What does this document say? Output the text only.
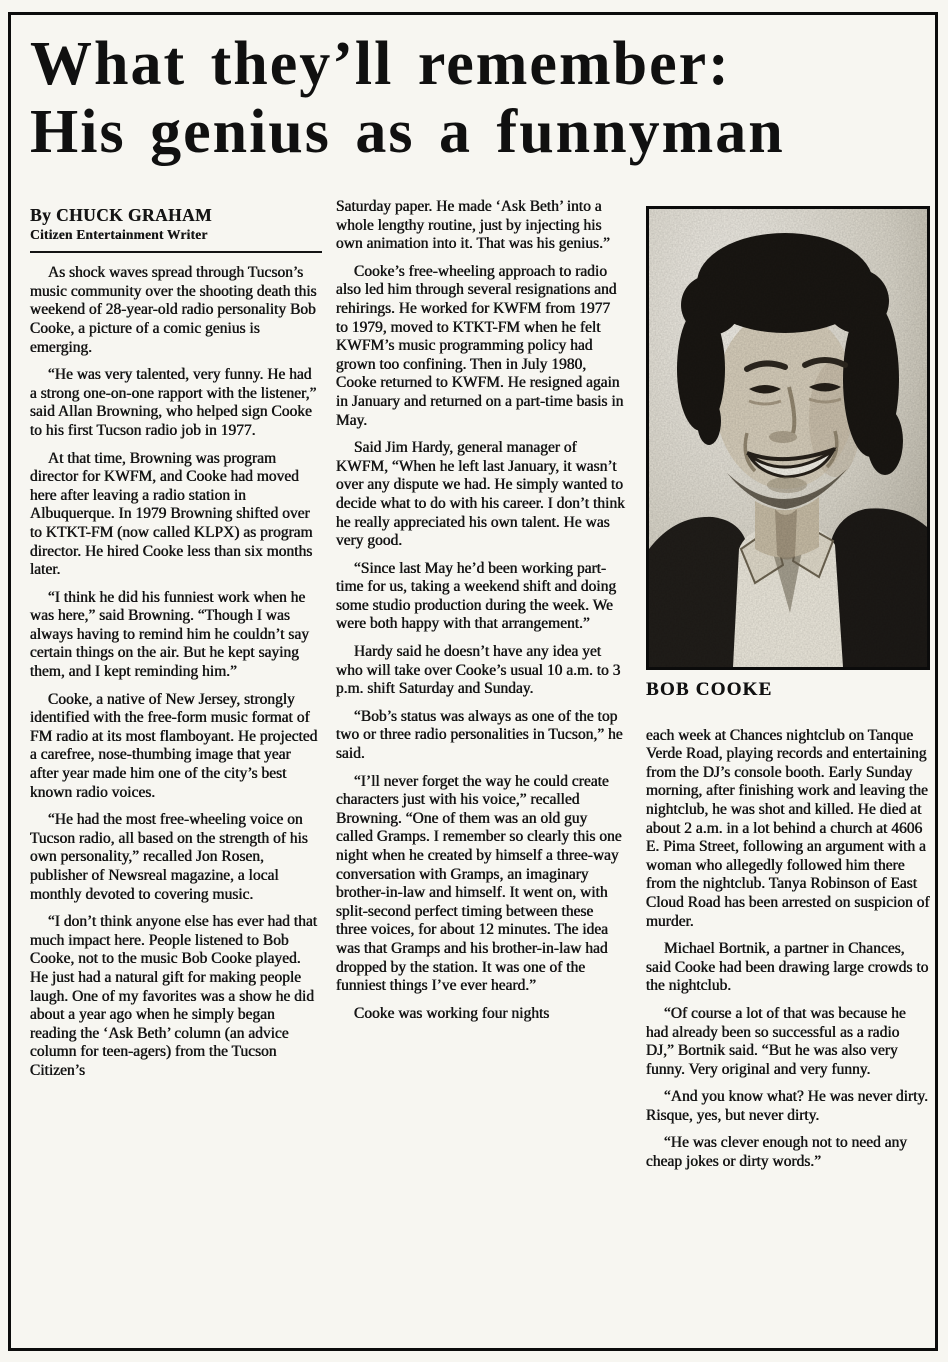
What they’ll remember:
His genius as a funnyman
By CHUCK GRAHAM
Citizen Entertainment Writer

As shock waves spread through Tucson’s music community over the shooting death this weekend of 28-year-old radio personality Bob Cooke, a picture of a comic genius is emerging.

“He was very talented, very funny. He had a strong one-on-one rapport with the listener,” said Allan Browning, who helped sign Cooke to his first Tucson radio job in 1977.

At that time, Browning was program director for KWFM, and Cooke had moved here after leaving a radio station in Albuquerque. In 1979 Browning shifted over to KTKT-FM (now called KLPX) as program director. He hired Cooke less than six months later.

“I think he did his funniest work when he was here,” said Browning. “Though I was always having to remind him he couldn’t say certain things on the air. But he kept saying them, and I kept reminding him.”

Cooke, a native of New Jersey, strongly identified with the free-form music format of FM radio at its most flamboyant. He projected a carefree, nose-thumbing image that year after year made him one of the city’s best known radio voices.

“He had the most free-wheeling voice on Tucson radio, all based on the strength of his own personality,” recalled Jon Rosen, publisher of Newsreal magazine, a local monthly devoted to covering music.

“I don’t think anyone else has ever had that much impact here. People listened to Bob Cooke, not to the music Bob Cooke played. He just had a natural gift for making people laugh. One of my favorites was a show he did about a year ago when he simply began reading the ‘Ask Beth’ column (an advice column for teen-agers) from the Tucson Citizen’s

Saturday paper. He made ‘Ask Beth’ into a whole lengthy routine, just by injecting his own animation into it. That was his genius.”

Cooke’s free-wheeling approach to radio also led him through several resignations and rehirings. He worked for KWFM from 1977 to 1979, moved to KTKT-FM when he felt KWFM’s music programming policy had grown too confining. Then in July 1980, Cooke returned to KWFM. He resigned again in January and returned on a part-time basis in May.

Said Jim Hardy, general manager of KWFM, “When he left last January, it wasn’t over any dispute we had. He simply wanted to decide what to do with his career. I don’t think he really appreciated his own talent. He was very good.

“Since last May he’d been working part-time for us, taking a weekend shift and doing some studio production during the week. We were both happy with that arrangement.”

Hardy said he doesn’t have any idea yet who will take over Cooke’s usual 10 a.m. to 3 p.m. shift Saturday and Sunday.

“Bob’s status was always as one of the top two or three radio personalities in Tucson,” he said.

“I’ll never forget the way he could create characters just with his voice,” recalled Browning. “One of them was an old guy called Gramps. I remember so clearly this one night when he created by himself a three-way conversation with Gramps, an imaginary brother-in-law and himself. It went on, with split-second perfect timing between these three voices, for about 12 minutes. The idea was that Gramps and his brother-in-law had dropped by the station. It was one of the funniest things I’ve ever heard.”

Cooke was working four nights

BOB COOKE

each week at Chances nightclub on Tanque Verde Road, playing records and entertaining from the DJ’s console booth. Early Sunday morning, after finishing work and leaving the nightclub, he was shot and killed. He died at about 2 a.m. in a lot behind a church at 4606 E. Pima Street, following an argument with a woman who allegedly followed him there from the nightclub. Tanya Robinson of East Cloud Road has been arrested on suspicion of murder.

Michael Bortnik, a partner in Chances, said Cooke had been drawing large crowds to the nightclub.

“Of course a lot of that was because he had already been so successful as a radio DJ,” Bortnik said. “But he was also very funny. Very original and very funny.

“And you know what? He was never dirty. Risque, yes, but never dirty.

“He was clever enough not to need any cheap jokes or dirty words.”
